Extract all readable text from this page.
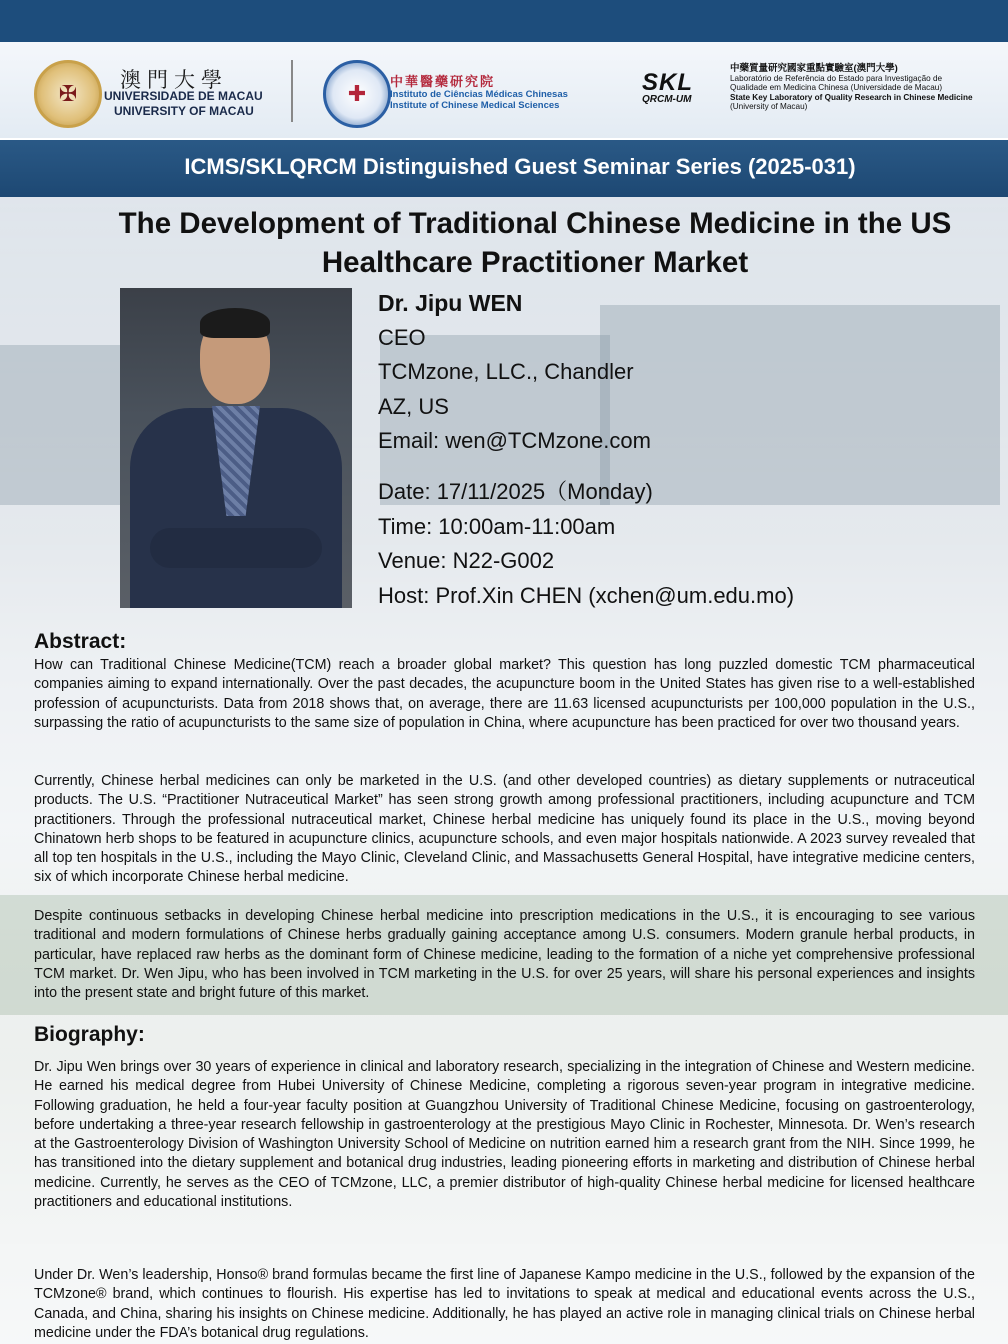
✠
澳門大學
UNIVERSIDADE DE MACAU
UNIVERSITY OF MACAU
✚	中華醫藥研究院
Instituto de Ciências Médicas Chinesas
Institute of Chinese Medical Sciences
SKL
QRCM-UM
中藥質量研究國家重點實驗室(澳門大學)
Laboratório de Referência do Estado para Investigação de
Qualidade em Medicina Chinesa (Universidade de Macau)
State Key Laboratory of Quality Research in Chinese Medicine
(University of Macau)
ICMS/SKLQRCM Distinguished Guest Seminar Series (2025-031)
The Development of Traditional Chinese Medicine in the US
Healthcare Practitioner Market
Dr. Jipu WEN
CEO
TCMzone, LLC., Chandler
AZ, US
Email: wen@TCMzone.com
Date: 17/11/2025（Monday)
Time: 10:00am-11:00am
Venue: N22-G002
Host: Prof.Xin CHEN (xchen@um.edu.mo)
Abstract:
How can Traditional Chinese Medicine(TCM) reach a broader global market? This question has long puzzled domestic TCM pharmaceutical companies aiming to expand internationally. Over the past decades, the acupuncture boom in the United States has given rise to a well-established profession of acupuncturists. Data from 2018 shows that, on average, there are 11.63 licensed acupuncturists per 100,000 population in the U.S., surpassing the ratio of acupuncturists to the same size of population in China, where acupuncture has been practiced for over two thousand years.
Currently, Chinese herbal medicines can only be marketed in the U.S. (and other developed countries) as dietary supplements or nutraceutical products. The U.S. “Practitioner Nutraceutical Market” has seen strong growth among professional practitioners, including acupuncture and TCM practitioners. Through the professional nutraceutical market, Chinese herbal medicine has uniquely found its place in the U.S., moving beyond Chinatown herb shops to be featured in acupuncture clinics, acupuncture schools, and even major hospitals nationwide. A 2023 survey revealed that all top ten hospitals in the U.S., including the Mayo Clinic, Cleveland Clinic, and Massachusetts General Hospital, have integrative medicine centers, six of which incorporate Chinese herbal medicine.
Despite continuous setbacks in developing Chinese herbal medicine into prescription medications in the U.S., it is encouraging to see various traditional and modern formulations of Chinese herbs gradually gaining acceptance among U.S. consumers. Modern granule herbal products, in particular, have replaced raw herbs as the dominant form of Chinese medicine, leading to the formation of a niche yet comprehensive professional TCM market. Dr. Wen Jipu, who has been involved in TCM marketing in the U.S. for over 25 years, will share his personal experiences and insights into the present state and bright future of this market.
Biography:
Dr. Jipu Wen brings over 30 years of experience in clinical and laboratory research, specializing in the integration of Chinese and Western medicine. He earned his medical degree from Hubei University of Chinese Medicine, completing a rigorous seven-year program in integrative medicine. Following graduation, he held a four-year faculty position at Guangzhou University of Traditional Chinese Medicine, focusing on gastroenterology, before undertaking a three-year research fellowship in gastroenterology at the prestigious Mayo Clinic in Rochester, Minnesota. Dr. Wen’s research at the Gastroenterology Division of Washington University School of Medicine on nutrition earned him a research grant from the NIH. Since 1999, he has transitioned into the dietary supplement and botanical drug industries, leading pioneering efforts in marketing and distribution of Chinese herbal medicine. Currently, he serves as the CEO of TCMzone, LLC, a premier distributor of high-quality Chinese herbal medicine for licensed healthcare practitioners and educational institutions.
Under Dr. Wen’s leadership, Honso® brand formulas became the first line of Japanese Kampo medicine in the U.S., followed by the expansion of the TCMzone® brand, which continues to flourish. His expertise has led to invitations to speak at medical and educational events across the U.S., Canada, and China, sharing his insights on Chinese medicine. Additionally, he has played an active role in managing clinical trials on Chinese herbal medicine under the FDA’s botanical drug regulations.
